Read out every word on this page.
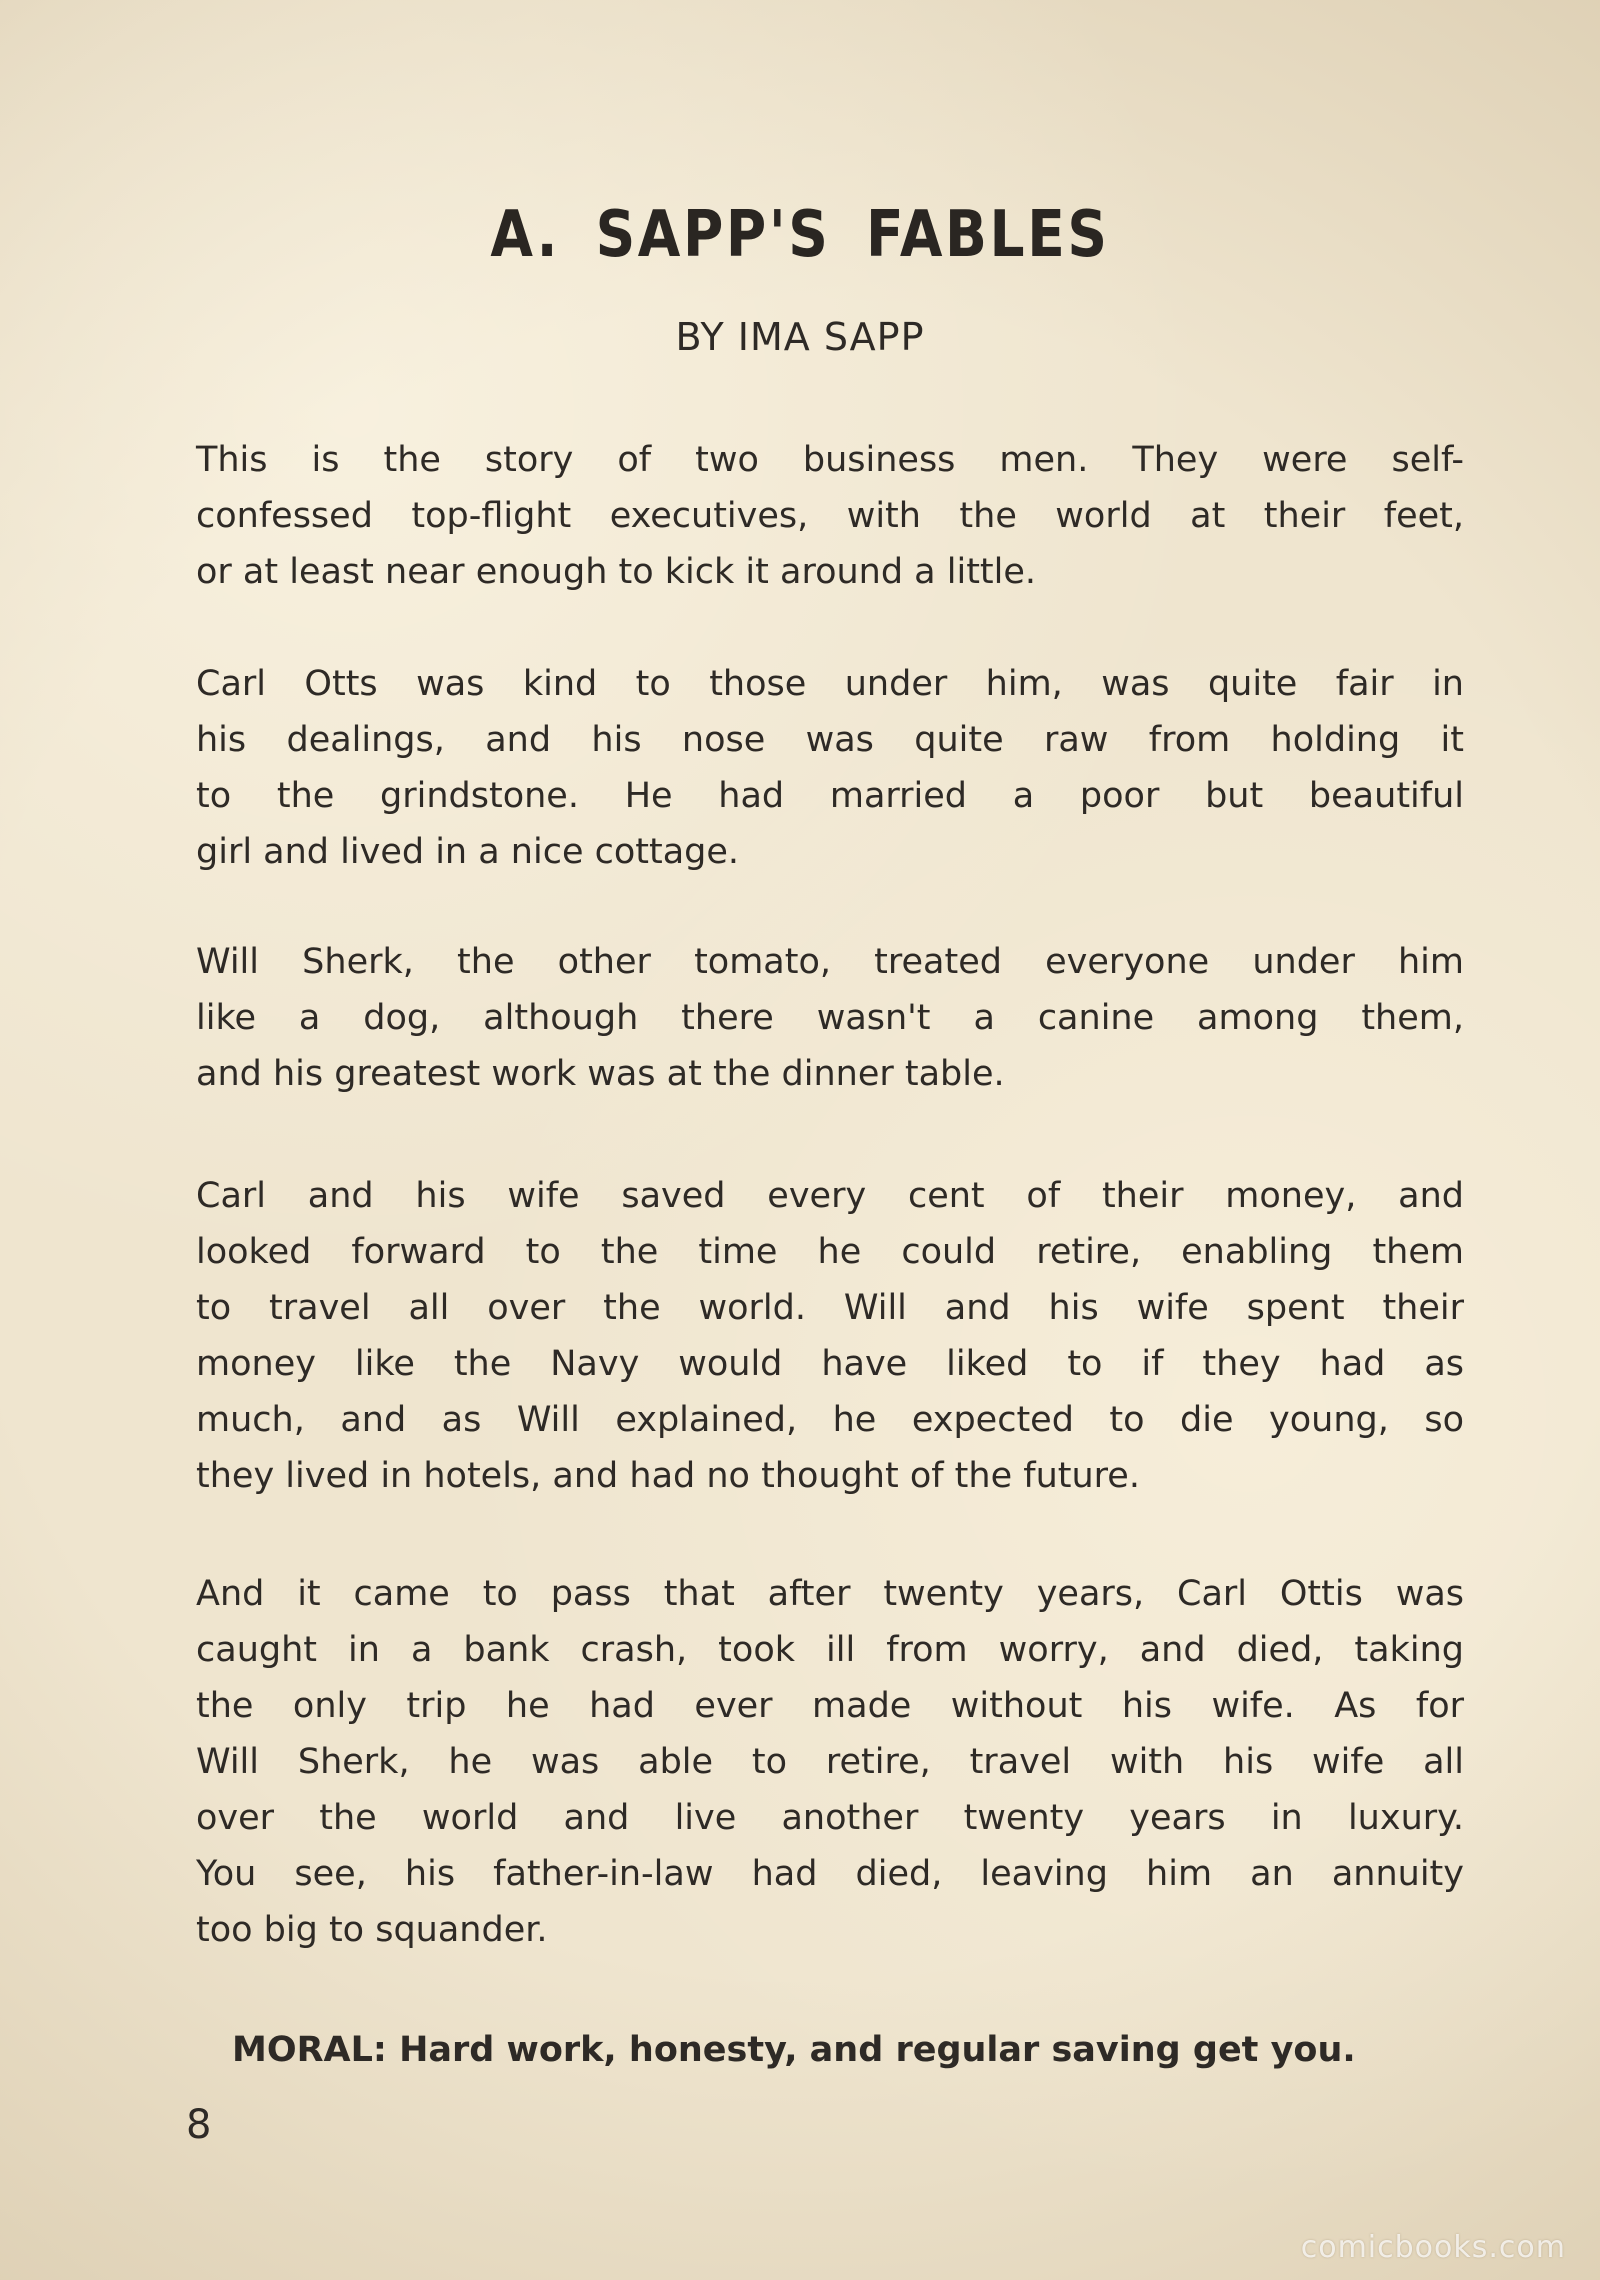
A. SAPP'S FABLES
BY IMA SAPP
This is the story of two business men. They were self-
confessed top-flight executives, with the world at their feet,
or at least near enough to kick it around a little.
Carl Otts was kind to those under him, was quite fair in
his dealings, and his nose was quite raw from holding it
to the grindstone. He had married a poor but beautiful
girl and lived in a nice cottage.
Will Sherk, the other tomato, treated everyone under him
like a dog, although there wasn't a canine among them,
and his greatest work was at the dinner table.
Carl and his wife saved every cent of their money, and
looked forward to the time he could retire, enabling them
to travel all over the world. Will and his wife spent their
money like the Navy would have liked to if they had as
much, and as Will explained, he expected to die young, so
they lived in hotels, and had no thought of the future.
And it came to pass that after twenty years, Carl Ottis was
caught in a bank crash, took ill from worry, and died, taking
the only trip he had ever made without his wife. As for
Will Sherk, he was able to retire, travel with his wife all
over the world and live another twenty years in luxury.
You see, his father-in-law had died, leaving him an annuity
too big to squander.
MORAL: Hard work, honesty, and regular saving get you.
8
comicbooks.com
